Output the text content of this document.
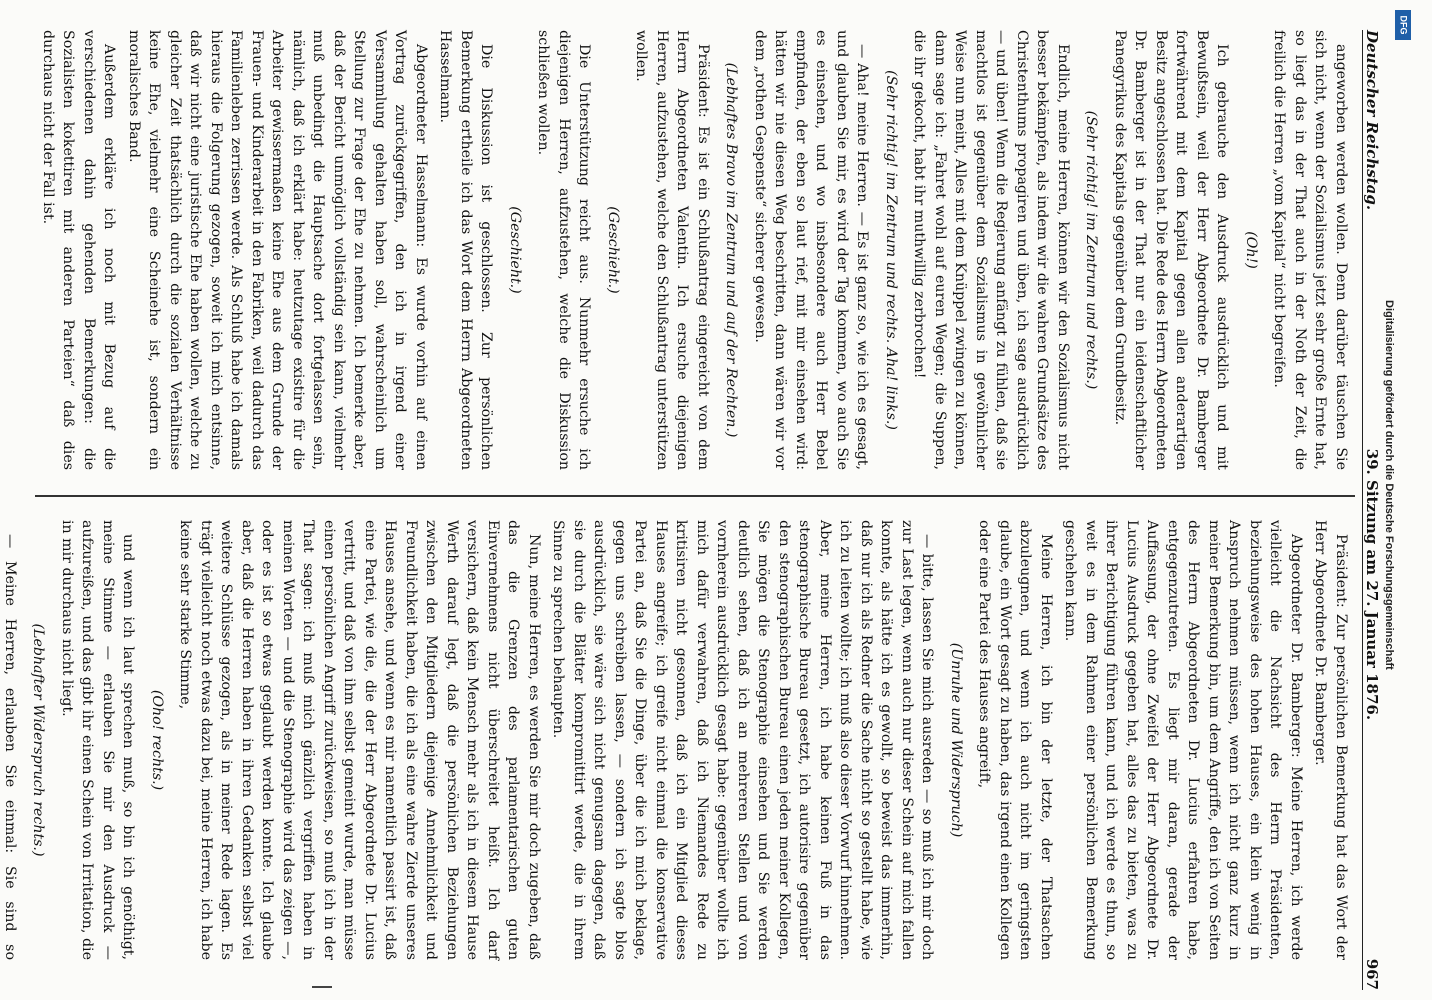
Deutscher Reichstag.
39. Sitzung am 27. Januar 1876.
967

angeworben werden wollen. Denn darüber täuschen Sie sich nicht, wenn der Sozialismus jetzt sehr große Ernte hat, so liegt das in der That auch in der Noth der Zeit, die freilich die Herren „vom Kapital“ nicht begreifen.

(Oh!)

Ich gebrauche den Ausdruck ausdrücklich und mit Bewußtsein, weil der Herr Abgeordnete Dr. Bamberger fortwährend mit dem Kapital gegen allen anderartigen Besitz angeschlossen hat. Die Rede des Herrn Abgeordneten Dr. Bamberger ist in der That nur ein leidenschaftlicher Panegyrikus des Kapitals gegenüber dem Grundbesitz.

(Sehr richtig! im Zentrum und rechts.)

Endlich, meine Herren, können wir den Sozialismus nicht besser bekämpfen, als indem wir die wahren Grundsätze des Christenthums propagiren und üben, ich sage ausdrücklich — und üben! Wenn die Regierung anfängt zu fühlen, daß sie machtlos ist gegenüber dem Sozialismus in gewöhnlicher Weise nun meint, Alles mit dem Knüppel zwingen zu können, dann sage ich: „Fahret wohl auf euren Wegen; die Suppen, die ihr gekocht, habt ihr muthwillig zerbrochen!

(Sehr richtig! im Zentrum und rechts. Aha! links.)

— Aha! meine Herren. — Es ist ganz so, wie ich es gesagt, und glauben Sie mir, es wird der Tag kommen, wo auch Sie es einsehen, und wo insbesondere auch Herr Bebel empfinden, der eben so laut rief, mit mir einsehen wird: hätten wir nie diesen Weg beschritten, dann wären wir vor dem „rothen Gespenste“ sicherer gewesen.

(Lebhaftes Bravo im Zentrum und auf der Rechten.)

Präsident: Es ist ein Schlußantrag eingereicht von dem Herrn Abgeordneten Valentin. Ich ersuche diejenigen Herren, aufzustehen, welche den Schlußantrag unterstützen wollen.

(Geschieht.)

Die Unterstützung reicht aus. Nunmehr ersuche ich diejenigen Herren, aufzustehen, welche die Diskussion schließen wollen.

(Geschieht.)

Die Diskussion ist geschlossen. Zur persönlichen Bemerkung ertheile ich das Wort dem Herrn Abgeordneten Hasselmann.

Abgeordneter Hasselmann: Es wurde vorhin auf einen Vortrag zurückgegriffen, den ich in irgend einer Versammlung gehalten haben soll, wahrscheinlich um Stellung zur Frage der Ehe zu nehmen. Ich bemerke aber, daß der Bericht unmöglich vollständig sein kann, vielmehr muß unbedingt die Hauptsache dort fortgelassen sein, nämlich, daß ich erklärt habe: heutzutage existire für die Arbeiter gewissermaßen keine Ehe aus dem Grunde der Frauen- und Kinderarbeit in den Fabriken, weil dadurch das Familienleben zerrissen werde. Als Schluß habe ich damals hieraus die Folgerung gezogen, soweit ich mich entsinne, daß wir nicht eine juristische Ehe haben wollen, welche zu gleicher Zeit thatsächlich durch die sozialen Verhältnisse keine Ehe, vielmehr eine Scheinehe ist, sondern ein moralisches Band.

Außerdem erkläre ich noch mit Bezug auf die verschiedenen dahin gehenden Bemerkungen: die Sozialisten kokettiren mit anderen Parteien“ daß dies durchaus nicht der Fall ist.

Präsident: Zur persönlichen Bemerkung hat das Wort der Herr Abgeordnete Dr. Bamberger.

Abgeordneter Dr. Bamberger: Meine Herren, ich werde vielleicht die Nachsicht des Herrn Präsidenten, beziehungsweise des hohen Hauses, ein klein wenig in Anspruch nehmen müssen, wenn ich nicht ganz kurz in meiner Bemerkung bin, um dem Angriffe, den ich von Seiten des Herrn Abgeordneten Dr. Lucius erfahren habe, entgegenzutreten. Es liegt mir daran, gerade der Auffassung, der ohne Zweifel der Herr Abgeordnete Dr. Lucius Ausdruck gegeben hat, alles das zu bieten, was zu ihrer Berichtigung führen kann, und ich werde es thun, so weit es in dem Rahmen einer persönlichen Bemerkung geschehen kann.

Meine Herren, ich bin der letzte, der Thatsachen abzuleugnen, und wenn ich auch nicht im geringsten glaube, ein Wort gesagt zu haben, das irgend einen Kollegen oder eine Partei des Hauses angreift,

(Unruhe und Widerspruch)

— bitte, lassen Sie mich ausreden — so muß ich mir doch zur Last legen, wenn auch nur dieser Schein auf mich fallen konnte, als hätte ich es gewollt, so beweist das immerhin, daß nur ich als Redner die Sache nicht so gestellt habe, wie ich zu leiten wollte; ich muß also dieser Vorwurf hinnehmen. Aber, meine Herren, ich habe keinen Fuß in das stenographische Bureau gesetzt, ich autorisire gegenüber den stenographischen Bureau einen jeden meiner Kollegen, Sie mögen die Stenographie einsehen und Sie werden deutlich sehen, daß ich an mehreren Stellen und von vornherein ausdrücklich gesagt habe: gegenüber wollte ich mich dafür verwahren, daß ich Niemandes Rede zu kritisiren nicht gesonnen, daß ich ein Mitglied dieses Hauses angreife; ich greife nicht einmal die konservative Partei an, daß Sie die Dinge, über die ich mich beklage, gegen uns schreiben lassen, — sondern ich sagte blos ausdrücklich, sie wäre sich nicht genugsam dagegen, daß sie durch die Blätter kompromittirt werde, die in ihrem Sinne zu sprechen behaupten.

Nun, meine Herren, es werden Sie mir doch zugeben, daß das die Grenzen des parlamentarischen guten Einvernehmens nicht überschreitet heißt. Ich darf versichern, daß kein Mensch mehr als ich in diesem Hause Werth darauf legt, daß die persönlichen Beziehungen zwischen den Mitgliedern diejenige Annehmlichkeit und Freundlichkeit haben, die ich als eine wahre Zierde unseres Hauses ansehe, und wenn es mir namentlich passirt ist, daß eine Partei, wie die, die der Herr Abgeordnete Dr. Lucius vertritt, und daß von ihm selbst gemeint wurde, man müsse einen persönlichen Angriff zurückweisen, so muß ich in der That sagen: ich muß mich gänzlich vergriffen haben in meinen Worten — und die Stenographie wird das zeigen —, oder es ist so etwas geglaubt werden konnte. Ich glaube aber, daß die Herren haben in ihren Gedanken selbst viel weitere Schlüsse gezogen, als in meiner Rede lagen. Es trägt vielleicht noch etwas dazu bei, meine Herren, ich habe keine sehr starke Stimme,

(Oho! rechts.)

und wenn ich laut sprechen muß, so bin ich genöthigt, meine Stimme — erlauben Sie mir den Ausdruck — aufzureißen, und das gibt ihr einen Schein von Irritation, die in mir durchaus nicht liegt.

(Lebhafter Widerspruch rechts.)

— Meine Herren, erlauben Sie einmal: Sie sind so

DFG
Digitalisierung gefördert durch die Deutsche Forschungsgemeinschaft
